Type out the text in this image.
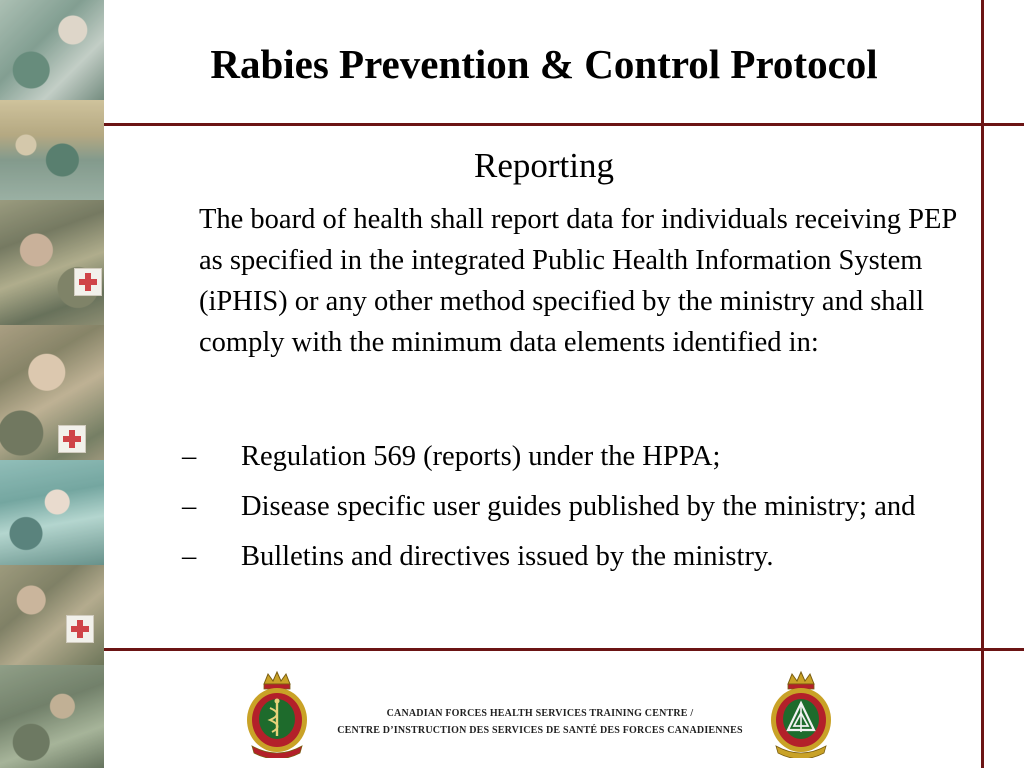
Rabies Prevention & Control Protocol
Reporting
The board of health shall report data for individuals receiving PEP as specified in the integrated Public Health Information System (iPHIS) or any other method specified by the ministry and shall comply with the minimum data elements identified in:
– Regulation 569 (reports) under the HPPA;
– Disease specific user guides published by the ministry; and
– Bulletins and directives issued by the ministry.
CANADIAN FORCES HEALTH SERVICES TRAINING CENTRE /
CENTRE D’INSTRUCTION DES SERVICES DE SANTÉ DES FORCES CANADIENNES
